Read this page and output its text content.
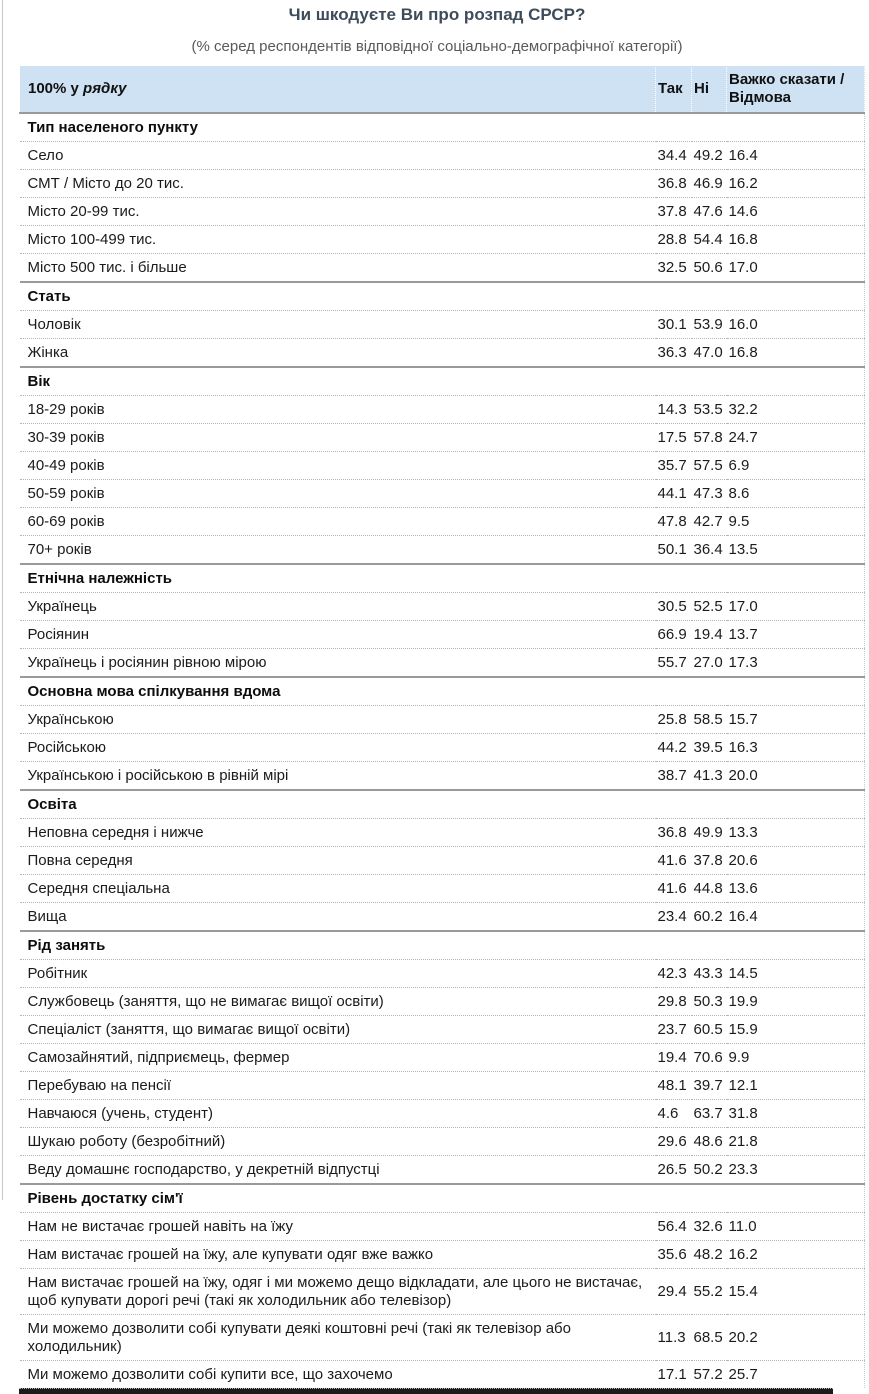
Чи шкодуєте Ви про розпад СРСР?
(% серед респондентів відповідної соціально-демографічної категорії)
100% у рядку	Так	Ні	Важко сказати / Відмова
Тип населеного пункту			
Село	34.4	49.2	16.4
СМТ / Місто до 20 тис.	36.8	46.9	16.2
Місто 20-99 тис.	37.8	47.6	14.6
Місто 100-499 тис.	28.8	54.4	16.8
Місто 500 тис. і більше	32.5	50.6	17.0
Стать			
Чоловік	30.1	53.9	16.0
Жінка	36.3	47.0	16.8
Вік			
18-29 років	14.3	53.5	32.2
30-39 років	17.5	57.8	24.7
40-49 років	35.7	57.5	6.9
50-59 років	44.1	47.3	8.6
60-69 років	47.8	42.7	9.5
70+ років	50.1	36.4	13.5
Етнічна належність			
Українець	30.5	52.5	17.0
Росіянин	66.9	19.4	13.7
Українець і росіянин рівною мірою	55.7	27.0	17.3
Основна мова спілкування вдома			
Українською	25.8	58.5	15.7
Російською	44.2	39.5	16.3
Українською і російською в рівній мірі	38.7	41.3	20.0
Освіта			
Неповна середня і нижче	36.8	49.9	13.3
Повна середня	41.6	37.8	20.6
Середня спеціальна	41.6	44.8	13.6
Вища	23.4	60.2	16.4
Рід занять			
Робітник	42.3	43.3	14.5
Службовець (заняття, що не вимагає вищої освіти)	29.8	50.3	19.9
Спеціаліст (заняття, що вимагає вищої освіти)	23.7	60.5	15.9
Самозайнятий, підприємець, фермер	19.4	70.6	9.9
Перебуваю на пенсії	48.1	39.7	12.1
Навчаюся (учень, студент)	4.6	63.7	31.8
Шукаю роботу (безробітний)	29.6	48.6	21.8
Веду домашнє господарство, у декретній відпустці	26.5	50.2	23.3
Рівень достатку сім'ї			
Нам не вистачає грошей навіть на їжу	56.4	32.6	11.0
Нам вистачає грошей на їжу, але купувати одяг вже важко	35.6	48.2	16.2
Нам вистачає грошей на їжу, одяг і ми можемо дещо відкладати, але цього не вистачає, щоб купувати дорогі речі (такі як холодильник або телевізор)	29.4	55.2	15.4
Ми можемо дозволити собі купувати деякі коштовні речі (такі як телевізор або холодильник)	11.3	68.5	20.2
Ми можемо дозволити собі купити все, що захочемо	17.1	57.2	25.7
